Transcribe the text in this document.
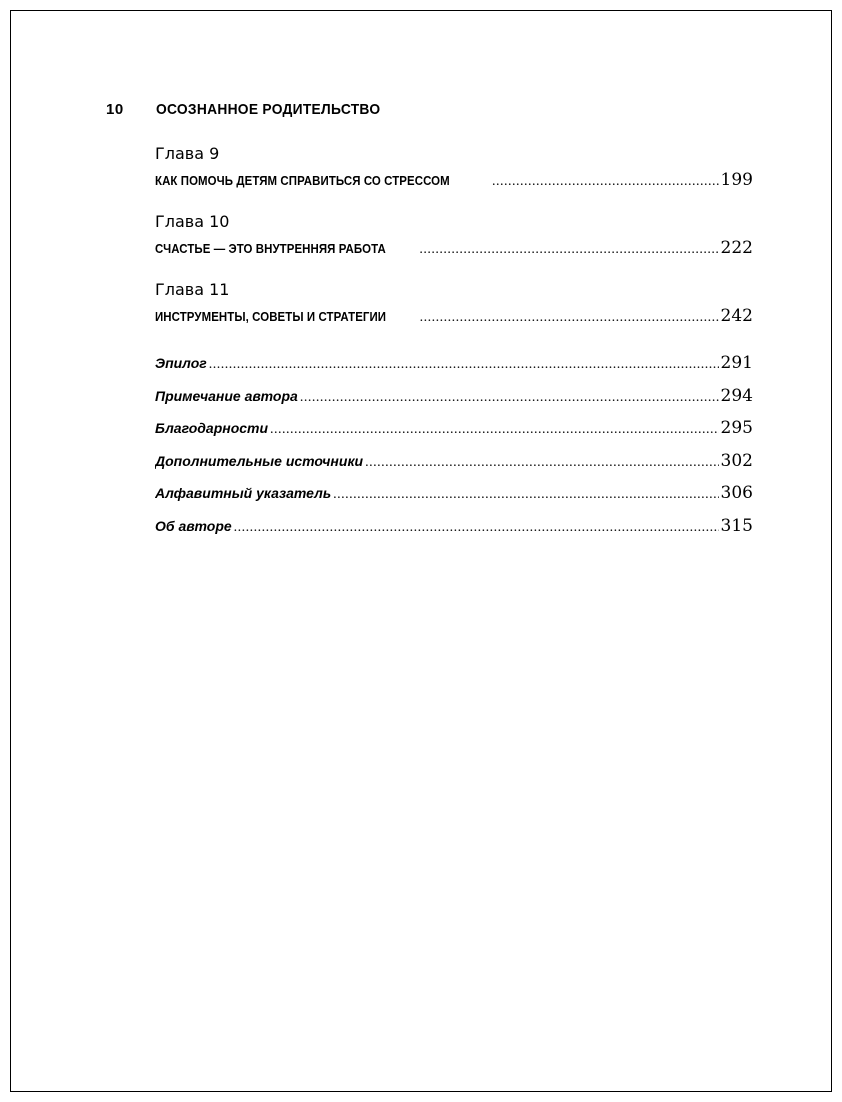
10	ОСОЗНАННОЕ РОДИТЕЛЬСТВО
Глава 9
КАК ПОМОЧЬ ДЕТЯМ СПРАВИТЬСЯ СО СТРЕССОМ .....	199
Глава 10
СЧАСТЬЕ — ЭТО ВНУТРЕННЯЯ РАБОТА .....	222
Глава 11
ИНСТРУМЕНТЫ, СОВЕТЫ И СТРАТЕГИИ .....	242
Эпилог .....	291
Примечание автора .....	294
Благодарности .....	295
Дополнительные источники .....	302
Алфавитный указатель .....	306
Об авторе .....	315
